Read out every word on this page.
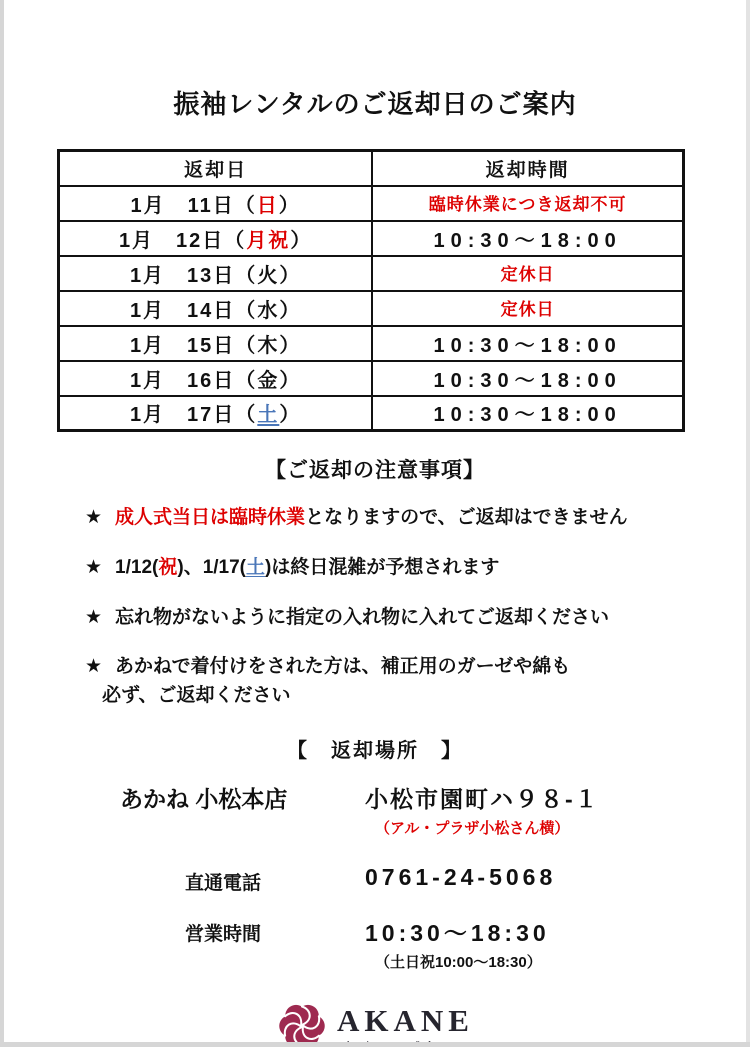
振袖レンタルのご返却日のご案内
返却日	返却時間
1月　11日（日）	臨時休業につき返却不可
1月　12日（月祝）	10:30～18:00
1月　13日（火）	定休日
1月　14日（水）	定休日
1月　15日（木）	10:30～18:00
1月　16日（金）	10:30～18:00
1月　17日（土）	10:30～18:00
【ご返却の注意事項】
★ 成人式当日は臨時休業となりますので、ご返却はできません
★ 1/12(祝)、1/17(土)は終日混雑が予想されます
★ 忘れ物がないように指定の入れ物に入れてご返却ください
★ あかねで着付けをされた方は、補正用のガーゼや綿も
必ず、ご返却ください
【　返却場所　】
あかね 小松本店	小松市園町ハ９８-１
（アル・プラザ小松さん横）
直通電話	0761-24-5068
営業時間	10:30～18:30
（土日祝10:00～18:30）
AKANE
